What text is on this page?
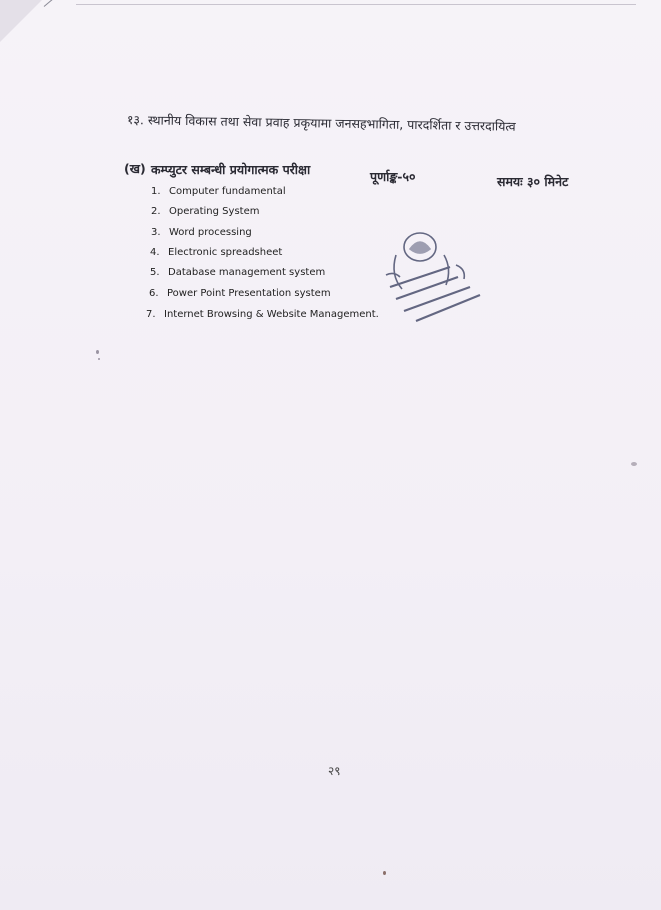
१३. स्थानीय विकास तथा सेवा प्रवाह प्रकृयामा जनसहभागिता, पारदर्शिता र उत्तरदायित्व
(ख) कम्प्युटर सम्बन्धी प्रयोगात्मक परीक्षा	पूर्णाङ्क-५०	समयः ३० मिनेट
1. Computer fundamental
2. Operating System
3. Word processing
4. Electronic spreadsheet
5. Database management system
6. Power Point Presentation system
7. Internet Browsing & Website Management.
२९
